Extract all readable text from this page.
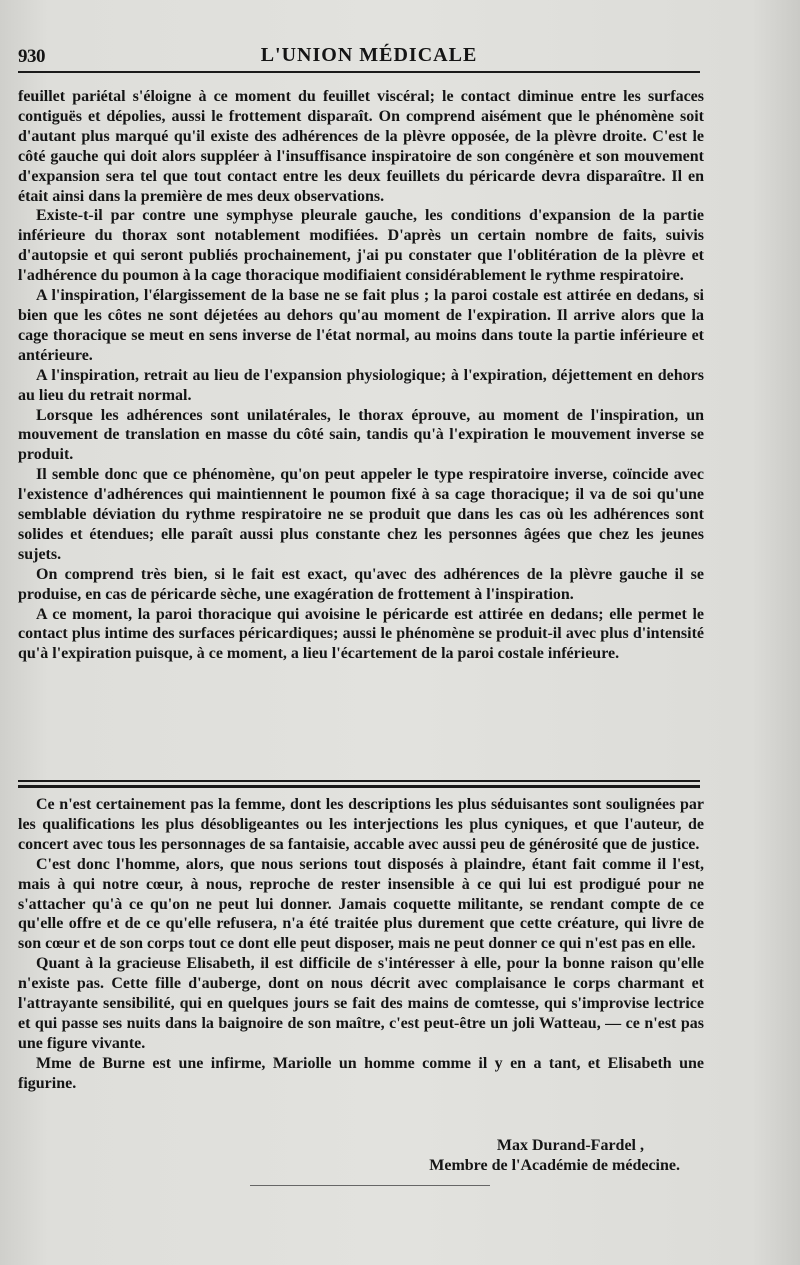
930	L'UNION MÉDICALE

feuillet pariétal s'éloigne à ce moment du feuillet viscéral; le contact diminue entre les surfaces contiguës et dépolies, aussi le frottement disparaît. On comprend aisément que le phénomène soit d'autant plus marqué qu'il existe des adhérences de la plèvre opposée, de la plèvre droite. C'est le côté gauche qui doit alors suppléer à l'insuffisance inspiratoire de son congénère et son mouvement d'expansion sera tel que tout contact entre les deux feuillets du péricarde devra disparaître. Il en était ainsi dans la première de mes deux observations.

Existe-t-il par contre une symphyse pleurale gauche, les conditions d'expansion de la partie inférieure du thorax sont notablement modifiées. D'après un certain nombre de faits, suivis d'autopsie et qui seront publiés prochainement, j'ai pu constater que l'oblitération de la plèvre et l'adhérence du poumon à la cage thoracique modifiaient considérablement le rythme respiratoire.

A l'inspiration, l'élargissement de la base ne se fait plus ; la paroi costale est attirée en dedans, si bien que les côtes ne sont déjetées au dehors qu'au moment de l'expiration. Il arrive alors que la cage thoracique se meut en sens inverse de l'état normal, au moins dans toute la partie inférieure et antérieure.

A l'inspiration, retrait au lieu de l'expansion physiologique; à l'expiration, déjettement en dehors au lieu du retrait normal.

Lorsque les adhérences sont unilatérales, le thorax éprouve, au moment de l'inspiration, un mouvement de translation en masse du côté sain, tandis qu'à l'expiration le mouvement inverse se produit.

Il semble donc que ce phénomène, qu'on peut appeler le type respiratoire inverse, coïncide avec l'existence d'adhérences qui maintiennent le poumon fixé à sa cage thoracique; il va de soi qu'une semblable déviation du rythme respiratoire ne se produit que dans les cas où les adhérences sont solides et étendues; elle paraît aussi plus constante chez les personnes âgées que chez les jeunes sujets.

On comprend très bien, si le fait est exact, qu'avec des adhérences de la plèvre gauche il se produise, en cas de péricarde sèche, une exagération de frottement à l'inspiration.

A ce moment, la paroi thoracique qui avoisine le péricarde est attirée en dedans; elle permet le contact plus intime des surfaces péricardiques; aussi le phénomène se produit-il avec plus d'intensité qu'à l'expiration puisque, à ce moment, a lieu l'écartement de la paroi costale inférieure.

Ce n'est certainement pas la femme, dont les descriptions les plus séduisantes sont soulignées par les qualifications les plus désobligeantes ou les interjections les plus cyniques, et que l'auteur, de concert avec tous les personnages de sa fantaisie, accable avec aussi peu de générosité que de justice.

C'est donc l'homme, alors, que nous serions tout disposés à plaindre, étant fait comme il l'est, mais à qui notre cœur, à nous, reproche de rester insensible à ce qui lui est prodigué pour ne s'attacher qu'à ce qu'on ne peut lui donner. Jamais coquette militante, se rendant compte de ce qu'elle offre et de ce qu'elle refusera, n'a été traitée plus durement que cette créature, qui livre de son cœur et de son corps tout ce dont elle peut disposer, mais ne peut donner ce qui n'est pas en elle.

Quant à la gracieuse Elisabeth, il est difficile de s'intéresser à elle, pour la bonne raison qu'elle n'existe pas. Cette fille d'auberge, dont on nous décrit avec complaisance le corps charmant et l'attrayante sensibilité, qui en quelques jours se fait des mains de comtesse, qui s'improvise lectrice et qui passe ses nuits dans la baignoire de son maître, c'est peut-être un joli Watteau, — ce n'est pas une figure vivante.

Mme de Burne est une infirme, Mariolle un homme comme il y en a tant, et Elisabeth une figurine.

Max Durand-Fardel ,
Membre de l'Académie de médecine.
